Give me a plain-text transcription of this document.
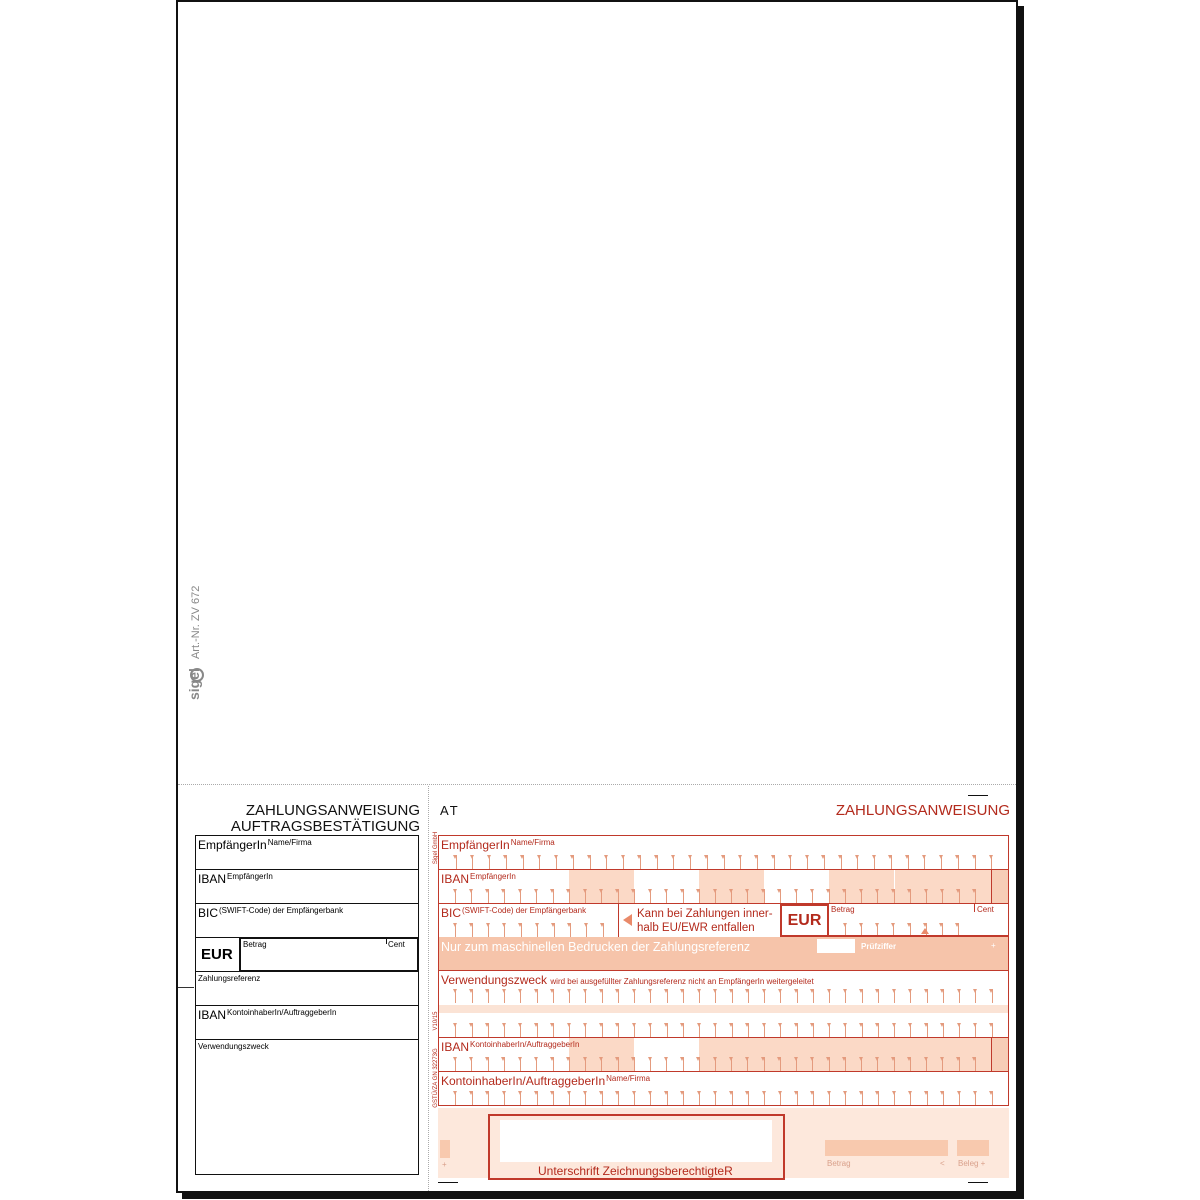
sigel Art.-Nr. ZV 672
ZAHLUNGSANWEISUNG
AUFTRAGSBESTÄTIGUNG
EmpfängerIn$^{Name/Firma}$
$IBAN^{EmpfängerIn}$
$BIC^{(SWIFT-Code) der Empfängerbank}$
EUR
Betrag	Cent
Zahlungsreferenz
$IBAN^{KontoinhaberIn/AuftraggeberIn}$
Verwendungszweck
AT	ZAHLUNGSANWEISUNG
Sigel GmbH
V10/15
GSTÜ/ZA GN 32273G
EmpfängerIn$^{Name/Firma}$
$IBAN^{EmpfängerIn}$
$BIC^{(SWIFT-Code) der Empfängerbank}$	Kann bei Zahlungen inner-
halb EU/EWR entfallen	EUR
Betrag	Cent
Nur zum maschinellen Bedrucken der Zahlungsreferenz	Prüfziffer	+
Verwendungszweck wird bei ausgefüllter Zahlungsreferenz nicht an EmpfängerIn weitergeleitet
$IBAN^{KontoinhaberIn/AuftraggeberIn}$
KontoinhaberIn/AuftraggeberIn$^{Name/Firma}$
+	Unterschrift ZeichnungsberechtigteR
Betrag	< Beleg +
